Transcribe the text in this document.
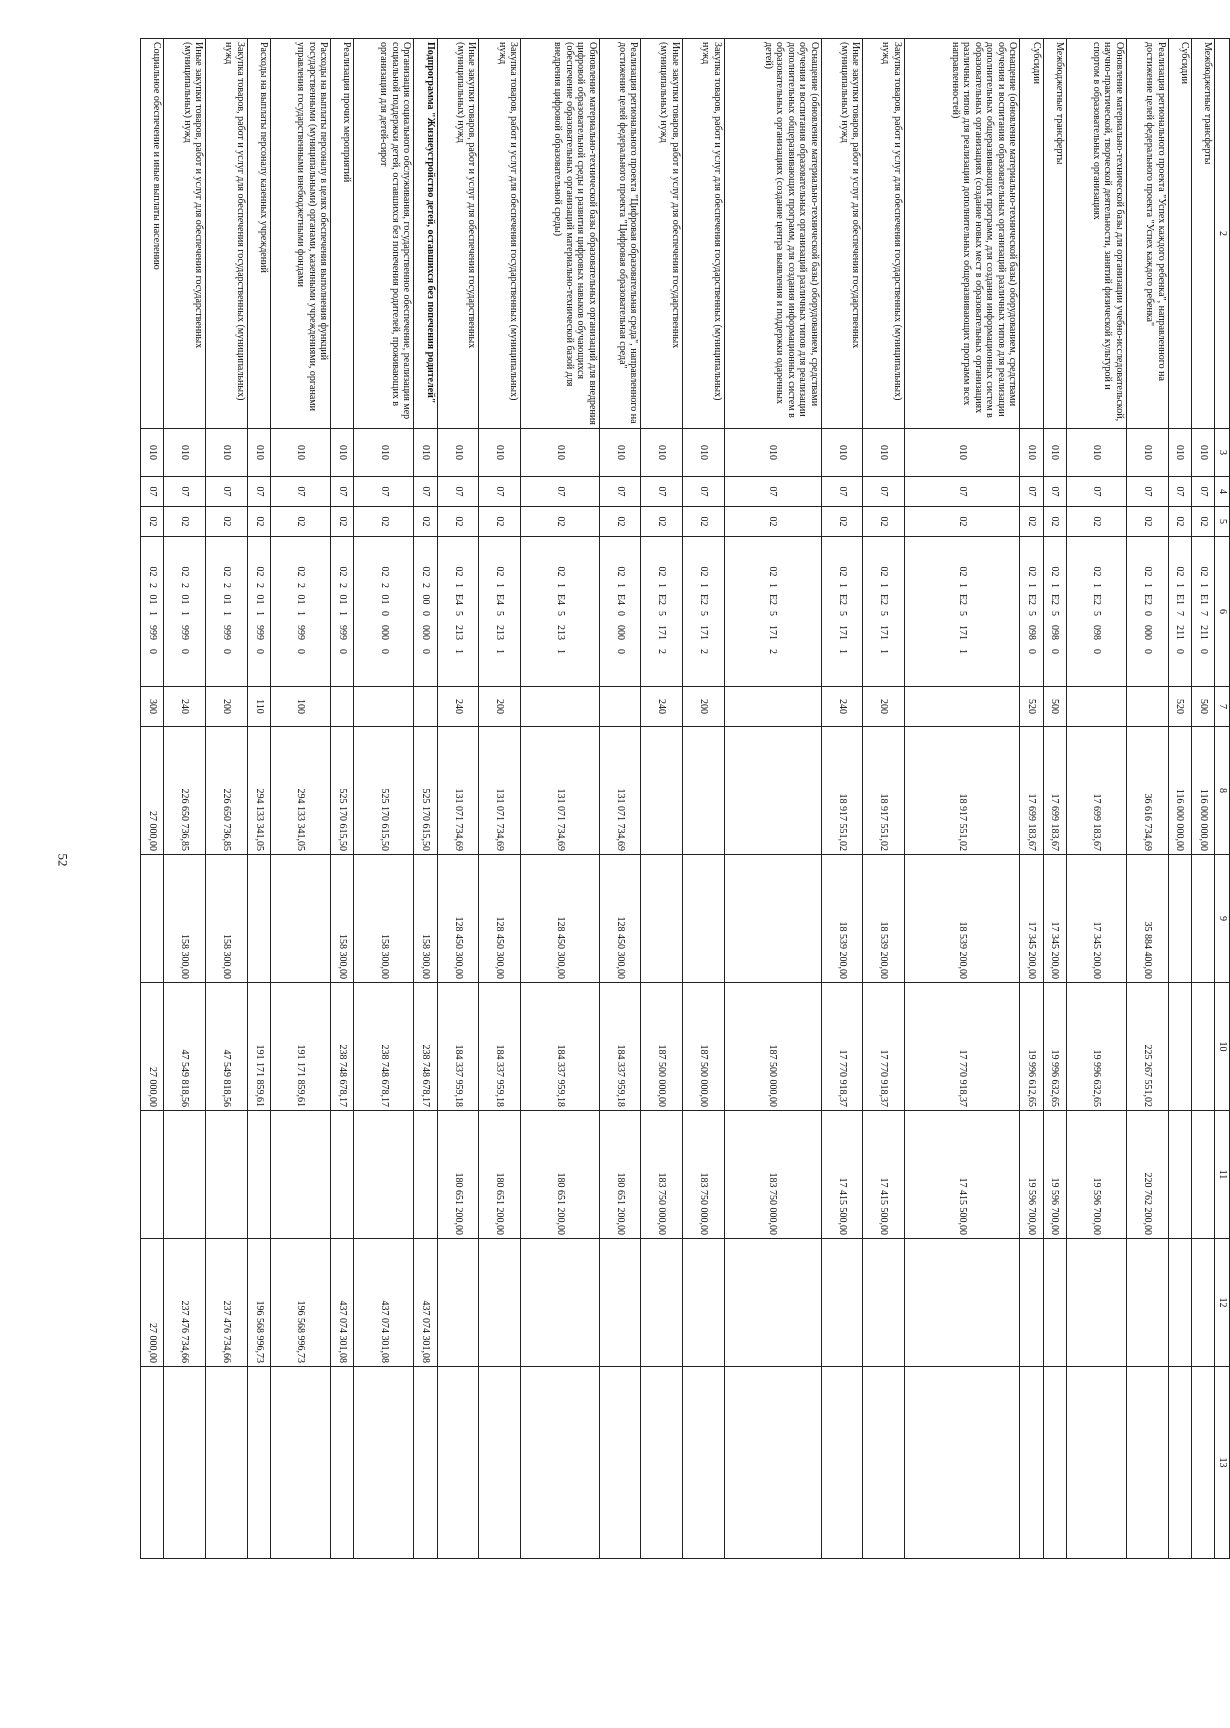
52
2	3	4	5	6	7	8	9	10	11	12	13
Межбюджетные трансферты	010	07	02	021E172110	500	116 000 000,00					
Субсидии	010	07	02	021E172110	520	116 000 000,00					
Реализация регионального проекта "Успех каждого ребенка", направленного на достижение целей федерального проекта "Успех каждого ребенка"	010	07	02	021E200000		36 616 734,69	35 884 400,00	225 267 551,02	220 762 200,00		
Обновление материально-технической базы для организации учебно-исследовательской, научно-практической, творческой деятельности, занятий физической культурой и спортом в образовательных организациях	010	07	02	021E250980		17 699 183,67	17 345 200,00	19 996 632,65	19 596 700,00		
Межбюджетные трансферты	010	07	02	021E250980	500	17 699 183,67	17 345 200,00	19 996 632,65	19 596 700,00		
Субсидии	010	07	02	021E250980	520	17 699 183,67	17 345 200,00	19 996 612,65	19 596 700,00		
Оснащение (обновление материально-технической базы) оборудованием, средствами обучения и воспитания образовательных организаций различных типов для реализации дополнительных общеразвивающих программ, для создания информационных систем в образовательных организациях (создание новых мест в образовательных организациях различных типов для реализации дополнительных общеразвивающих программ всех направленностей)	010	07	02	021E251711		18 917 551,02	18 539 200,00	17 770 918,37	17 415 500,00		
Закупка товаров, работ и услуг для обеспечения государственных (муниципальных) нужд	010	07	02	021E251711	200	18 917 551,02	18 539 200,00	17 770 918,37	17 415 500,00		
Иные закупки товаров, работ и услуг для обеспечения государственных (муниципальных) нужд	010	07	02	021E251711	240	18 917 551,02	18 539 200,00	17 770 918,37	17 415 500,00		
Оснащение (обновление материально-технической базы) оборудованием, средствами обучения и воспитания образовательных организаций различных типов для реализации дополнительных общеразвивающих программ, для создания информационных систем в образовательных организациях (создание центра выявления и поддержки одаренных детей)	010	07	02	021E251712				187 500 000,00	183 750 000,00		
Закупка товаров, работ и услуг для обеспечения государственных (муниципальных) нужд	010	07	02	021E251712	200			187 500 000,00	183 750 000,00		
Иные закупки товаров, работ и услуг для обеспечения государственных (муниципальных) нужд	010	07	02	021E251712	240			187 500 000,00	183 750 000,00		
Реализация регионального проекта "Цифровая образовательная среда", направленного на достижение целей федерального проекта "Цифровая образовательная среда"	010	07	02	021E400000		131 071 734,69	128 450 300,00	184 337 959,18	180 651 200,00		
Обновление материально-технической базы образовательных организаций для внедрения цифровой образовательной среды и развития цифровых навыков обучающихся (обеспечение образовательных организаций материально-технической базой для внедрения цифровой образовательной среды)	010	07	02	021E452131		131 071 734,69	128 450 300,00	184 337 959,18	180 651 200,00		
Закупка товаров, работ и услуг для обеспечения государственных (муниципальных) нужд	010	07	02	021E452131	200	131 071 734,69	128 450 300,00	184 337 959,18	180 651 200,00		
Иные закупки товаров, работ и услуг для обеспечения государственных (муниципальных) нужд	010	07	02	021E452131	240	131 071 734,69	128 450 300,00	184 337 959,18	180 651 200,00		
Подпрограмма "Жизнеустройство детей, оставшихся без попечения родителей"	010	07	02	0220000000		525 170 615,50	158 300,00	238 748 678,17		437 074 301,08	
Организация социального обслуживания, государственное обеспечение, реализация мер социальной поддержки детей, оставшихся без попечения родителей, проживающих в организации для детей-сирот	010	07	02	0220100000		525 170 615,50	158 300,00	238 748 678,17		437 074 301,08	
Реализация прочих мероприятий	010	07	02	0220119990		525 170 615,50	158 300,00	238 748 678,17		437 074 301,08	
Расходы на выплаты персоналу в целях обеспечения выполнения функций государственными (муниципальными) органами, казенными учреждениями, органами управления государственными внебюджетными фондами	010	07	02	0220119990	100	294 133 341,05		191 171 859,61		196 568 996,73	
Расходы на выплаты персоналу казенных учреждений	010	07	02	0220119990	110	294 133 341,05		191 171 859,61		196 568 996,73	
Закупка товаров, работ и услуг для обеспечения государственных (муниципальных) нужд	010	07	02	0220119990	200	226 650 736,85	158 300,00	47 549 818,56		237 476 734,66	
Иные закупки товаров, работ и услуг для обеспечения государственных (муниципальных) нужд	010	07	02	0220119990	240	226 650 736,85	158 300,00	47 549 818,56		237 476 734,66	
Социальное обеспечение и иные выплаты населению	010	07	02	0220119990	300	27 000,00		27 000,00		27 000,00	
